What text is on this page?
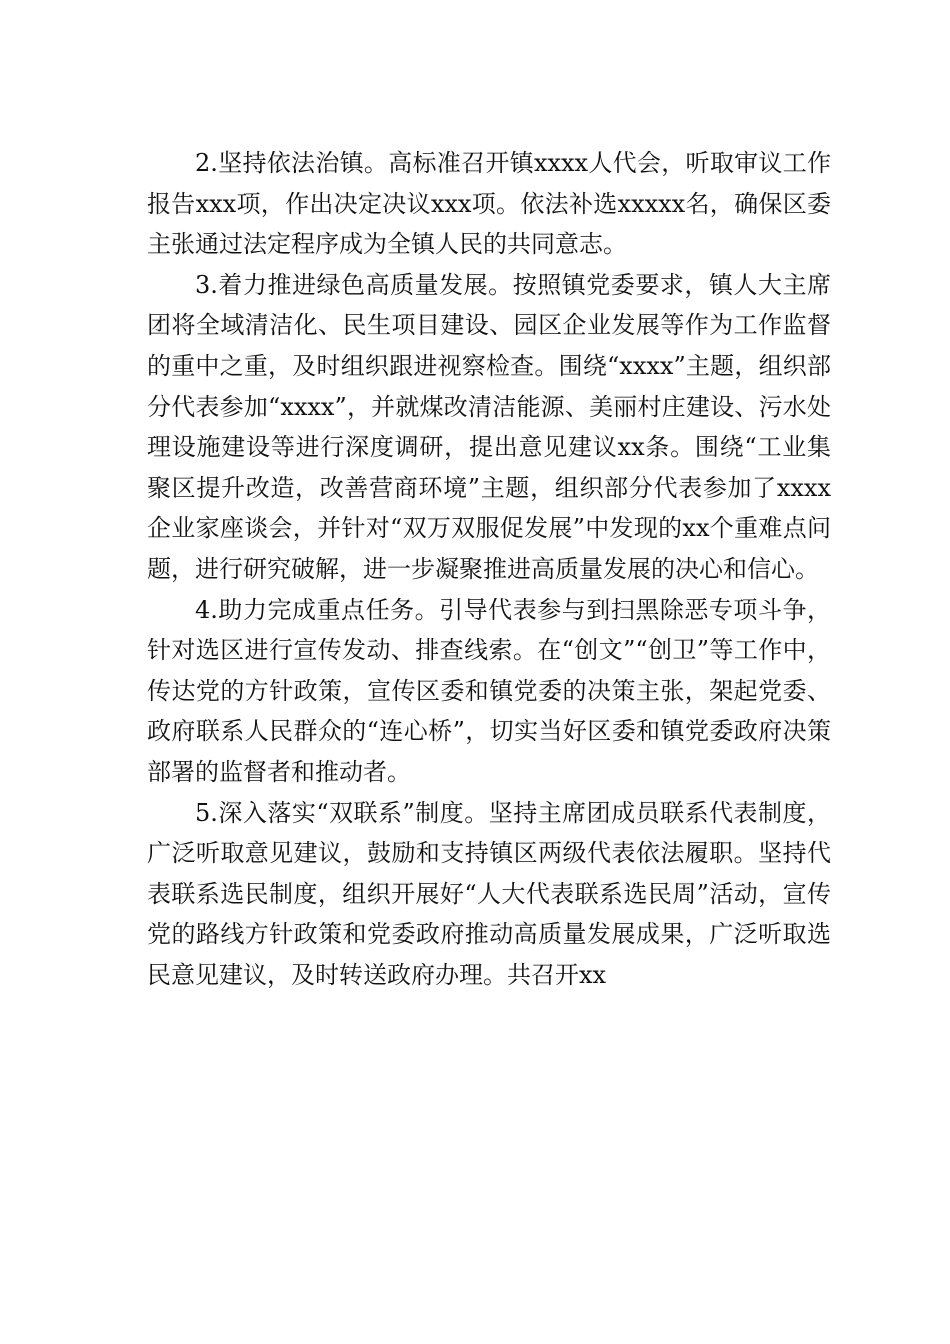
2.坚持依法治镇。高标准召开镇xxxx人代会，听取审议工作报告xxx项，作出决定决议xxx项。依法补选xxxxx名，确保区委主张通过法定程序成为全镇人民的共同意志。

3.着力推进绿色高质量发展。按照镇党委要求，镇人大主席团将全域清洁化、民生项目建设、园区企业发展等作为工作监督的重中之重，及时组织跟进视察检查。围绕“xxxx”主题，组织部分代表参加“xxxx”，并就煤改清洁能源、美丽村庄建设、污水处理设施建设等进行深度调研，提出意见建议xx条。围绕“工业集聚区提升改造，改善营商环境”主题，组织部分代表参加了xxxx企业家座谈会，并针对“双万双服促发展”中发现的xx个重难点问题，进行研究破解，进一步凝聚推进高质量发展的决心和信心。

4.助力完成重点任务。引导代表参与到扫黑除恶专项斗争，针对选区进行宣传发动、排查线索。在“创文”“创卫”等工作中，传达党的方针政策，宣传区委和镇党委的决策主张，架起党委、政府联系人民群众的“连心桥”，切实当好区委和镇党委政府决策部署的监督者和推动者。

5.深入落实“双联系”制度。坚持主席团成员联系代表制度，广泛听取意见建议，鼓励和支持镇区两级代表依法履职。坚持代表联系选民制度，组织开展好“人大代表联系选民周”活动，宣传党的路线方针政策和党委政府推动高质量发展成果，广泛听取选民意见建议，及时转送政府办理。共召开xx
